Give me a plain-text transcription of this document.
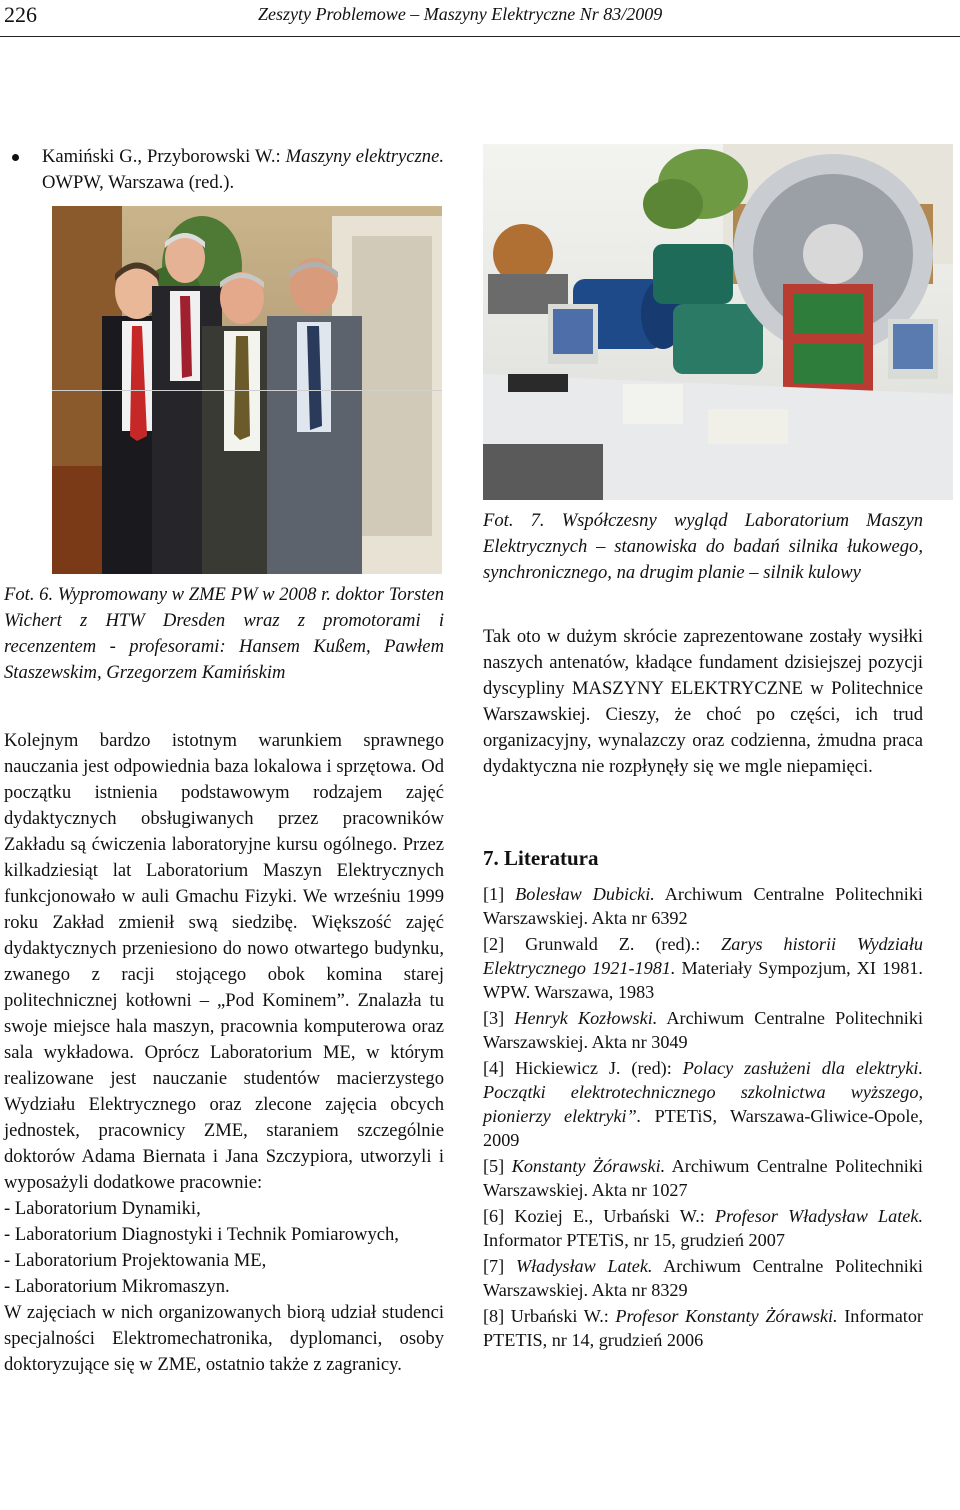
226	Zeszyty Problemowe – Maszyny Elektryczne Nr 83/2009
Kamiński G., Przyborowski W.: Maszyny elektryczne. OWPW, Warszawa (red.).

Fot. 6. Wypromowany w ZME PW w 2008 r. doktor Torsten Wichert z HTW Dresden wraz z promotorami i recenzentem - profesorami: Hansem Kußem, Pawłem Staszewskim, Grzegorzem Kamińskim

Kolejnym bardzo istotnym warunkiem sprawnego nauczania jest odpowiednia baza lokalowa i sprzętowa. Od początku istnienia podstawowym rodzajem zajęć dydaktycznych obsługiwanych przez pracowników Zakładu są ćwiczenia laboratoryjne kursu ogólnego. Przez kilkadziesiąt lat Laboratorium Maszyn Elektrycznych funkcjonowało w auli Gmachu Fizyki. We wrześniu 1999 roku Zakład zmienił swą siedzibę. Większość zajęć dydaktycznych przeniesiono do nowo otwartego budynku, zwanego z racji stojącego obok komina starej politechnicznej kotłowni – „Pod Kominem”. Znalazła tu swoje miejsce hala maszyn, pracownia komputerowa oraz sala wykładowa. Oprócz Laboratorium ME, w którym realizowane jest nauczanie studentów macierzystego Wydziału Elektrycznego oraz zlecone zajęcia obcych jednostek, pracownicy ZME, staraniem szczególnie doktorów Adama Biernata i Jana Szczypiora, utworzyli i wyposażyli dodatkowe pracownie:

- Laboratorium Dynamiki,

- Laboratorium Diagnostyki i Technik Pomiarowych,

- Laboratorium Projektowania ME,

- Laboratorium Mikromaszyn.

W zajęciach w nich organizowanych biorą udział studenci specjalności Elektromechatronika, dyplomanci, osoby doktoryzujące się w ZME, ostatnio także z zagranicy.

Fot. 7. Współczesny wygląd Laboratorium Maszyn Elektrycznych – stanowiska do badań silnika łukowego, synchronicznego, na drugim planie – silnik kulowy

Tak oto w dużym skrócie zaprezentowane zostały wysiłki naszych antenatów, kładące fundament dzisiejszej pozycji dyscypliny MASZYNY ELEKTRYCZNE w Politechnice Warszawskiej. Cieszy, że choć po części, ich trud organizacyjny, wynalazczy oraz codzienna, żmudna praca dydaktyczna nie rozpłynęły się we mgle niepamięci.

7. Literatura

[1] Bolesław Dubicki. Archiwum Centralne Politechniki Warszawskiej. Akta nr 6392

[2] Grunwald Z. (red).: Zarys historii Wydziału Elektrycznego 1921-1981. Materiały Sympozjum, XI 1981. WPW. Warszawa, 1983

[3] Henryk Kozłowski. Archiwum Centralne Politechniki Warszawskiej. Akta nr 3049

[4] Hickiewicz J. (red): Polacy zasłużeni dla elektryki. Początki elektrotechnicznego szkolnictwa wyższego, pionierzy elektryki”. PTETiS, Warszawa-Gliwice-Opole, 2009

[5] Konstanty Żórawski. Archiwum Centralne Politechniki Warszawskiej. Akta nr 1027

[6] Koziej E., Urbański W.: Profesor Władysław Latek. Informator PTETiS, nr 15, grudzień 2007

[7] Władysław Latek. Archiwum Centralne Politechniki Warszawskiej. Akta nr 8329

[8] Urbański W.: Profesor Konstanty Żórawski. Informator PTETIS, nr 14, grudzień 2006
